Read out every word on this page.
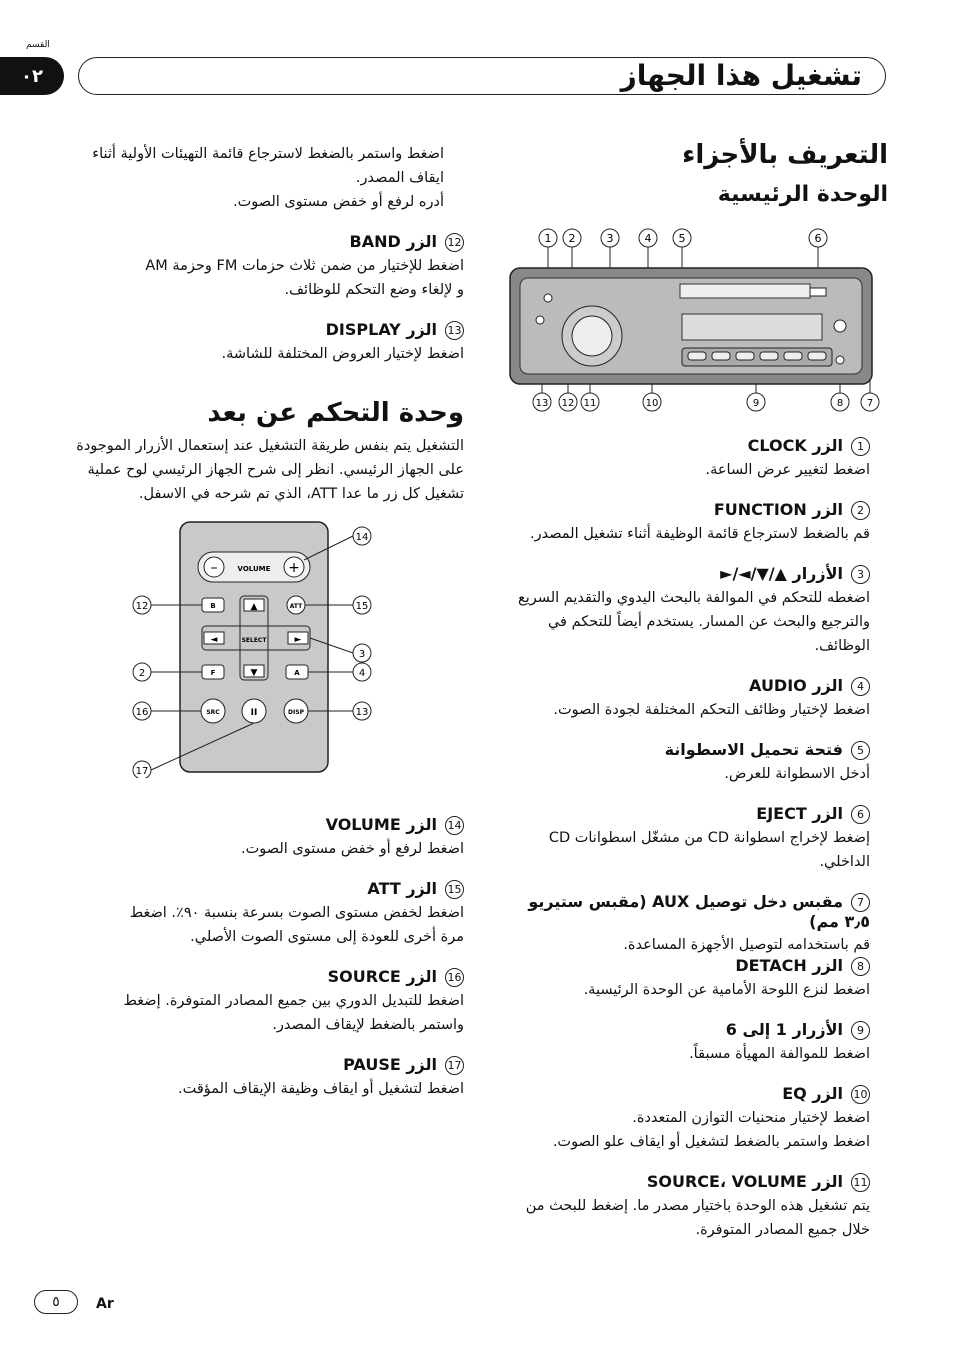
القسم
٠٢	تشغيل هذا الجهاز
التعريف بالأجزاء
الوحدة الرئيسية
1 2	3	4 5	6
13 12 11	10	9	8 7
1الزر CLOCK
اضغط لتغيير عرض الساعة.
2الزر FUNCTION
قم بالضغط لاسترجاع قائمة الوظيفة أثناء تشغيل المصدر.
3الأزرار ▲/▼/◄/►
اضغطه للتحكم في الموالفة بالبحث اليدوي والتقديم السريع
والترجيع والبحث عن المسار. يستخدم أيضاً للتحكم في
الوظائف.
4الزر AUDIO
اضغط لإختيار وظائف التحكم المختلفة لجودة الصوت.
5فتحة تحميل الاسطوانة
أدخل الاسطوانة للعرض.
6الزر EJECT
إضغط لإخراج اسطوانة CD من مشغّل اسطوانات CD
الداخلي.
7مقبس دخل توصيل AUX (مقبس ستيريو ٣٫٥ مم)
قم باستخدامه لتوصيل الأجهزة المساعدة.
8الزر DETACH
اضغط لنزع اللوحة الأمامية عن الوحدة الرئيسية.
9الأزرار 1 إلى 6
اضغط للموالفة المهيأة مسبقاً.
10الزر EQ
اضغط لإختيار منحنيات التوازن المتعددة.
اضغط واستمر بالضغط لتشغيل أو ايقاف علو الصوت.
11الزر SOURCE، VOLUME
يتم تشغيل هذه الوحدة باختيار مصدر ما. إضغط للبحث من
خلال جميع المصادر المتوفرة.
اضغط واستمر بالضغط لاسترجاع قائمة التهيئات الأولية أثناء
ايقاف المصدر.
أدره لرفع أو خفض مستوى الصوت.
12الزر BAND
اضغط للإختيار من ضمن ثلاث حزمات FM وحزمة AM
و لإلغاء وضع التحكم للوظائف.
13الزر DISPLAY
اضغط لإختيار العروض المختلفة للشاشة.
وحدة التحكم عن بعد
التشغيل يتم بنفس طريقة التشغيل عند إستعمال الأزرار الموجودة
على الجهاز الرئيسي. انظر إلى شرح الجهاز الرئيسي لوح عملية
تشغيل كل زر ما عدا ATT، الذي تم شرحه في الاسفل.
–	+
VOLUME
B	ATT
▲
▼
◄	►
SELECT
F	A
SRC	II	DISP
12
2
16
17
14
15
3
4
13
14الزر VOLUME
اضغط لرفع أو خفض مستوى الصوت.
15الزر ATT
اضغط لخفض مستوى الصوت بسرعة بنسبة ٩٠٪. اضغط
مرة أخرى للعودة إلى مستوى الصوت الأصلي.
16الزر SOURCE
اضغط للتبديل الدوري بين جميع المصادر المتوفرة. إضغط
واستمر بالضغط لإيقاف المصدر.
17الزر PAUSE
اضغط لتشغيل أو ايقاف وظيفة الإيقاف المؤقت.
٥	Ar
